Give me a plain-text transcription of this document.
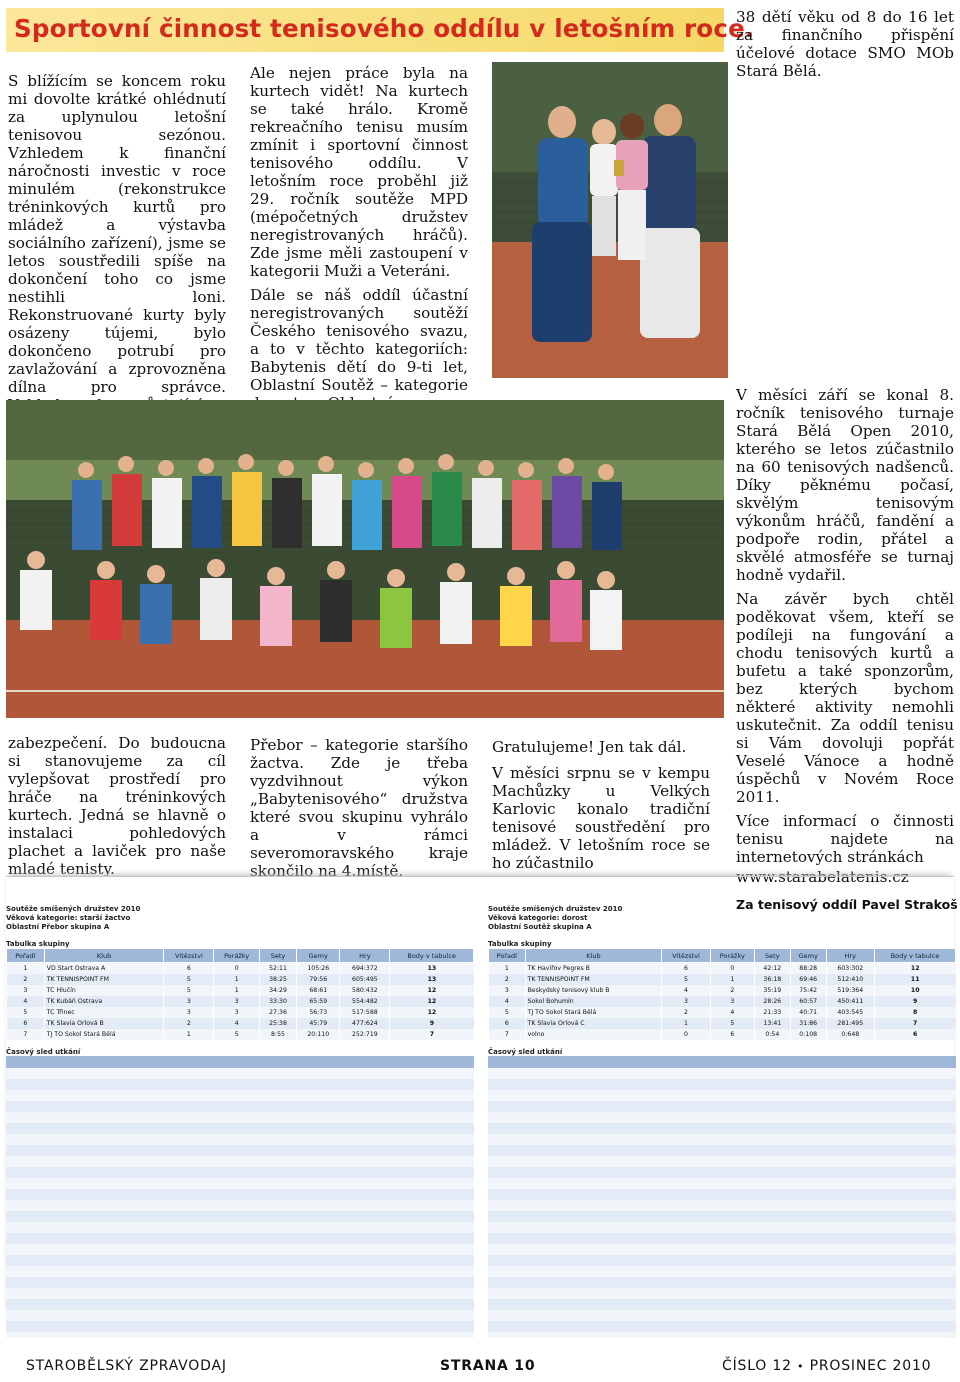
Sportovní činnost tenisového oddílu v letošním roce.

S blížícím se koncem roku mi dovolte krátké ohlédnutí za uplynulou letošní tenisovou sezónou. Vzhledem k finanční náročnosti investic v roce minulém (rekonstrukce tréninkových kurtů pro mládež a výstavba sociálního zařízení), jsme se letos soustředili spíše na dokončení toho co jsme nestihli loni. Rekonstruované kurty byly osázeny tújemi, bylo dokončeno potrubí pro zavlažování a zprovozněna dílna pro správce.

Ale nejen práce byla na kurtech vidět! Na kurtech se také hrálo. Kromě rekreačního tenisu musím zmínit i sportovní činnost tenisového oddílu. V letošním roce proběhl již 29. ročník soutěže MPD (mépočetných družstev neregistrovaných hráčů). Zde jsme měli zastoupení v kategorii Muži a Veteráni.

Dále se náš oddíl účastní neregistrovaných soutěží Českého tenisového svazu, a to v těchto kategoriích: Babytenis dětí do 9-ti let, Oblastní Soutěž – kategorie

38 dětí věku od 8 do 16 let za finančního přispění účelové dotace SMO MOb Stará Bělá.

V měsíci září se konal 8. ročník tenisového turnaje Stará Bělá Open 2010, kterého se letos zúčastnilo na 60 tenisových nadšenců. Díky pěknému počasí, skvělým tenisovým výkonům hráčů, fandění a podpoře rodin, přátel a skvělé atmosféře se turnaj hodně vydařil.

Na závěr bych chtěl poděkovat všem, kteří se podíleji na fungování a chodu tenisových kurtů a bufetu a také sponzorům, bez kterých bychom některé aktivity nemohli uskutečnit. Za oddíl tenisu si Vám dovoluji popřát Veselé Vánoce a hodně úspěchů v Novém Roce 2011.

Více informací o činnosti tenisu najdete na internetových stránkách

www.starabelatenis.cz

Za tenisový oddíl Pavel Strakoš

zabezpečení. Do budoucna si stanovujeme za cíl vylepšovat prostředí pro hráče na tréninkových kurtech. Jedná se hlavně o instalaci pohledových plachet a laviček pro naše mladé tenisty.

Přebor – kategorie staršího žactva. Zde je třeba vyzdvihnout výkon „Babytenisového“ družstva které svou skupinu vyhrálo a v rámci severomoravského kraje skončilo na 4.místě.

Gratulujeme! Jen tak dál.

V měsíci srpnu se v kempu Machůzky u Velkých Karlovic konalo tradiční tenisové soustředění pro mládež. V letošním roce se ho zúčastnilo

Soutěže smíšených družstev 2010
Věková kategorie: starší žactvo
Oblastní Přebor skupina A
Tabulka skupiny
Pořadí	Klub	Vítězství	Porážky	Sety	Gemy	Hry	Body v tabulce
1	VD Start Ostrava A	6	0	52:11	105:26	694:372	13
2	TK TENNISPOINT FM	5	1	38:25	79:56	605:495	13
3	TC Hlučín	5	1	34:29	68:61	580:432	12
4	TK Kubáň Ostrava	3	3	33:30	65:59	554:482	12
5	TC Třinec	3	3	27:36	56:73	517:588	12
6	TK Slavia Orlová B	2	4	25:38	45:79	477:624	9
7	TJ TO Sokol Stará Bělá	1	5	8:55	20:110	252:719	7
Časový sled utkání
Soutěže smíšených družstev 2010
Věková kategorie: dorost
Oblastní Soutěž skupina A
Tabulka skupiny
Pořadí	Klub	Vítězství	Porážky	Sety	Gemy	Hry	Body v tabulce
1	TK Havířov Pegres B	6	0	42:12	88:28	603:302	12
2	TK TENNISPOINT FM	5	1	36:18	69:46	512:410	11
3	Beskydský tenisový klub B	4	2	35:19	75:42	519:364	10
4	Sokol Bohumín	3	3	28:26	60:57	450:411	9
5	TJ TO Sokol Stará Bělá	2	4	21:33	40:71	403:545	8
6	TK Slavia Orlová C	1	5	13:41	31:86	281:495	7
7	volno	0	6	0:54	0:108	0:648	6
Časový sled utkání
STAROBĚLSKÝ ZPRAVODAJ	STRANA 10	ČÍSLO 12 • PROSINEC 2010
